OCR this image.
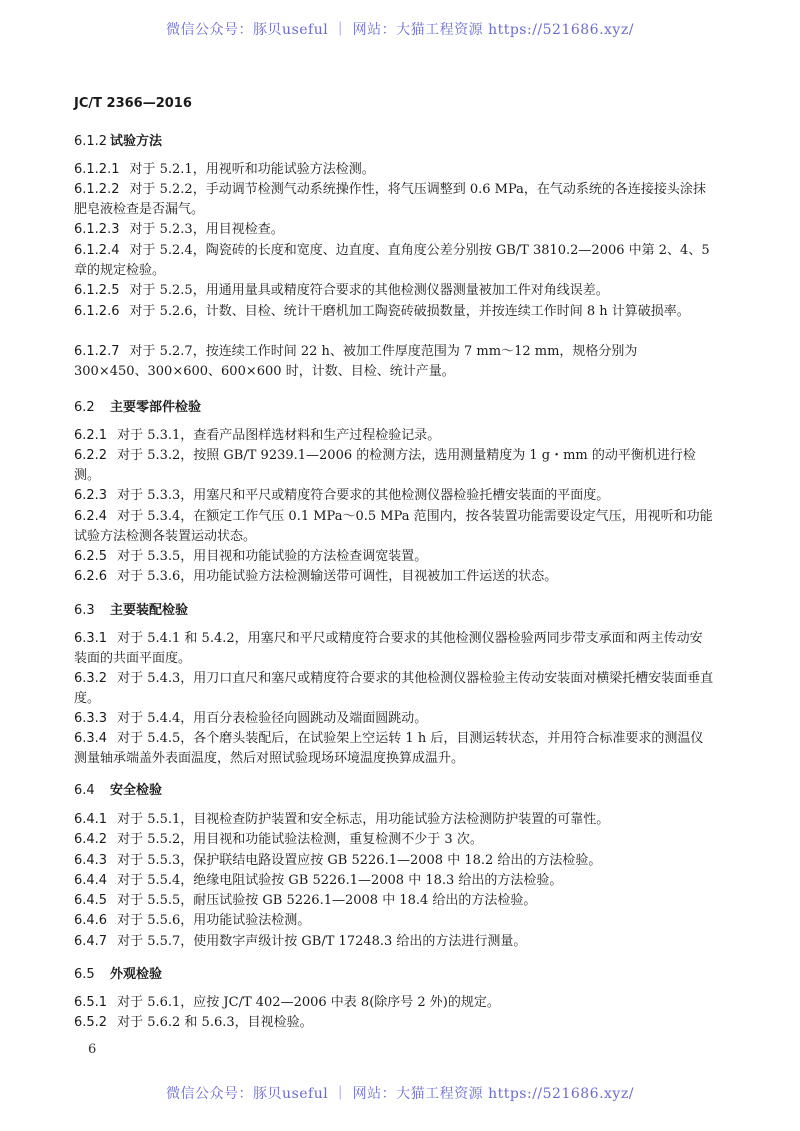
微信公众号：豚贝useful ｜ 网站：大猫工程资源 https://521686.xyz/
JC/T 2366—2016
6.1.2 试验方法
6.1.2.1 对于 5.2.1，用视听和功能试验方法检测。
6.1.2.2 对于 5.2.2，手动调节检测气动系统操作性，将气压调整到 0.6 MPa，在气动系统的各连接接头涂抹肥皂液检查是否漏气。
6.1.2.3 对于 5.2.3，用目视检查。
6.1.2.4 对于 5.2.4，陶瓷砖的长度和宽度、边直度、直角度公差分别按 GB/T 3810.2—2006 中第 2、4、5 章的规定检验。
6.1.2.5 对于 5.2.5，用通用量具或精度符合要求的其他检测仪器测量被加工件对角线误差。
6.1.2.6 对于 5.2.6，计数、目检、统计干磨机加工陶瓷砖破损数量，并按连续工作时间 8 h 计算破损率。
6.1.2.7 对于 5.2.7，按连续工作时间 22 h、被加工件厚度范围为 7 mm～12 mm，规格分别为 300×450、300×600、600×600 时，计数、目检、统计产量。
6.2 主要零部件检验
6.2.1 对于 5.3.1，查看产品图样选材料和生产过程检验记录。
6.2.2 对于 5.3.2，按照 GB/T 9239.1—2006 的检测方法，选用测量精度为 1 g・mm 的动平衡机进行检测。
6.2.3 对于 5.3.3，用塞尺和平尺或精度符合要求的其他检测仪器检验托槽安装面的平面度。
6.2.4 对于 5.3.4，在额定工作气压 0.1 MPa～0.5 MPa 范围内，按各装置功能需要设定气压，用视听和功能试验方法检测各装置运动状态。
6.2.5 对于 5.3.5，用目视和功能试验的方法检查调宽装置。
6.2.6 对于 5.3.6，用功能试验方法检测输送带可调性，目视被加工件运送的状态。
6.3 主要装配检验
6.3.1 对于 5.4.1 和 5.4.2，用塞尺和平尺或精度符合要求的其他检测仪器检验两同步带支承面和两主传动安装面的共面平面度。
6.3.2 对于 5.4.3，用刀口直尺和塞尺或精度符合要求的其他检测仪器检验主传动安装面对横梁托槽安装面垂直度。
6.3.3 对于 5.4.4，用百分表检验径向圆跳动及端面圆跳动。
6.3.4 对于 5.4.5，各个磨头装配后，在试验架上空运转 1 h 后，目测运转状态，并用符合标准要求的测温仪测量轴承端盖外表面温度，然后对照试验现场环境温度换算成温升。
6.4 安全检验
6.4.1 对于 5.5.1，目视检查防护装置和安全标志，用功能试验方法检测防护装置的可靠性。
6.4.2 对于 5.5.2，用目视和功能试验法检测，重复检测不少于 3 次。
6.4.3 对于 5.5.3，保护联结电路设置应按 GB 5226.1—2008 中 18.2 给出的方法检验。
6.4.4 对于 5.5.4，绝缘电阻试验按 GB 5226.1—2008 中 18.3 给出的方法检验。
6.4.5 对于 5.5.5，耐压试验按 GB 5226.1—2008 中 18.4 给出的方法检验。
6.4.6 对于 5.5.6，用功能试验法检测。
6.4.7 对于 5.5.7，使用数字声级计按 GB/T 17248.3 给出的方法进行测量。
6.5 外观检验
6.5.1 对于 5.6.1，应按 JC/T 402—2006 中表 8(除序号 2 外)的规定。
6.5.2 对于 5.6.2 和 5.6.3，目视检验。
6
微信公众号：豚贝useful ｜ 网站：大猫工程资源 https://521686.xyz/
